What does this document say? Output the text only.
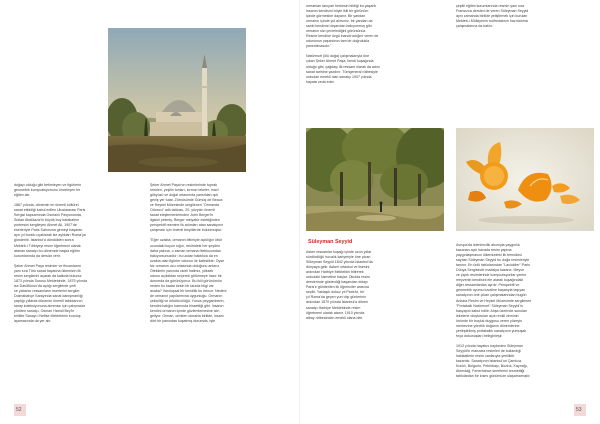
doğayı olduğu gibi betimleyen ve figürlerin
geometrik kompozisyonunu önceleyen bir
eğitim alır.

1867 yılında, dönemin en önemli kültürel
sanat etkinliği kabul edilen Uluslararası Paris
Sergisi kapsamında Osmanlı Pavyonunda,
Sultan Abdülaziz'in büyük boy karakalem
portresini sergileyen Ahmet Ali, 1907'de
eserleriyle Paris Salonuna girmeyi başaran
ayrı yıl burslu uçaklarak ise aylıkları Roma'ya
gönderilir. İstanbul'a döndükten sonra
Mekteb-i Tıbbiyeyi resim öğretmeni olarak
atanan sanatçı bu dönemde başka eğitim
kurumlarında da derslar verir.

Şeker Ahmet Paşa resimler ve fincanlarım
yanı sıra Türk sanat hayatına ülkemizin ilk
resim sergilerini açarak da katkıda bulunur.
1873 yılında Sorusu Mektebinde, 1875 yılında
ise Darülfünun'da açtığı sergilerde yerli
ve yabancı ressamların eserlerini sergiler.
Dolmabahçe Sarayında sanat danışmanlığı
yaptığı yıllarda dönemin önemli tablolarının
saray koleksiyonuna alınması için çalışmalar
yürüten sanatçı, Osman Hamdi Bey'le
birlikte Sanayi-i Nefise Mektebinin kuruluş
aşamasında da yer alır.

Şeker Ahmet Paşa'nın resimlerinde toprak
renkleri, yeşilin tonları, kırmızı lekeler, mavi
gökyüzü ve doğal ortamında yansıtılan ışık
geniş yer tutar. Zürnüsünde Gümüş de Beaux
ve Heykel Müzesinde sergilenen "Ormanda
Oduncu" adlı tablosu, 20. yüzyılın önemli
sanat eleştirmenlerinden John Berger'in
ilgisini çekmiş, Berger minyatür estetiğinden
perspektif resmine ilk adımları atan sanatçının
çalışması için önemli tespitlerde bulunmuştur:

"Eğer uzakta, ormanın bitimiyle açıklığın öbür
ucundaki koyun sığırı, resimdeki her şeyden
daha yakına, o zaman ormana ötekiucundan
bakıyorsunuzdur; bu ucdan baktıkca da en
uzakta olan figürler oduncu ile kafeslikte: Oyse
biz ormanın ucu ortasında olduğunu anlarız.
Ötekilerin yanında ciceli halimiz, yüksek
odunu açıklıktan seçerek götürmeye hazır bir
durumda da görünüyoruz. Bu ikili görünümün
neden bu kadar kesin bir tarzda bilgi var
acaba? Varoluşsal bir kendilik bu bence. Nedeni
de ormanın yapılanmına uygunluğu. Ormanın
çekiciliği ve ürkütücülüğü. Yunus peygamberin,
kendini balığın karnında hissettiği gibi. İnsanın
kendini ormanın içinde gözlemlemesine izin
geliyor. Orman, ormiten olmakla birlikte, insanı
dört bir yanından kuşatmış durumda, işte

52

ormanları tanıyan herkesin bildiği bu yaşantı
insanın kendisini böyle ikili bir görünüm
içinde görmesine dayanır. Bir yandan
ormanın içinde yol alırsınız, bir yandan da
sanki kendinizi dışarıdan bakıyormuş gibi
ormanın sizi çevrelediğini görürsünüz.
Resme kendine özgü inandırıcılığını veren de
odununun yaşantının tam bir doğrulukla
yansıtılmasıdır."

Natürmort (ölü doğa) çalışmalarıyla öne
çıkan Şeker Ahmet Paşa, kendi kuşağında
olduğu gibi, çağdaşı ilk ressam olarak da adını
sanat tarihine yazdırır. Tümgeneral rütbesiyle
ordudan emekli olan sanatçı 1907 yılında
hayata veda eder.

çeşitli eğitim kurumlarında resmin yanı sıra
Fransızca dersleri de veren Süleyman Seyyid
aynı zamanda birlikte yetiştirmek için kurulan
Mekteb-i Mülkiyenin müfredatının hazırlanma
çalışmalarına da katılır.

Süleyman Seyyid

Asker ressamlar kuşağı içinde uzun yıllar
sürdürdüğü hocalık kariyeriyle öne çıkan
Süleyman Seyyid 1842 yılında İstanbul'da
dünyaya gelir. Askeri ortaokul ve lisesini
ardından Harbiye Mektebini bitirerek
ordudaki hizmetine başlar. Okulda resim
derslerinde gösterdiği başarıdan dolayı
Paris'e gönderilen ilk öğrenciler arasına
seçilir. Yaklaşık dokuz yıl Paris'te, bir
yıl Roma'da geçen yurt dışı günlerinin
ardından 1870 yılında İstanbul'a dönen
sanatçı Harbiye Mektebinde resim
öğretmeni olarak atanır. 1910 yılında
albay rütbesinden emekli olana dek

Avrupa'da izlenimcilik akımıyla yaygınlık
kazanan açık havada resim yapma
yaygınlaşmasını ülkemizdeki ilk temsilcisi
sayılan Süleyman Seyyid bu doğa resimleriyle
tanınır. En ünlü tablolarından "Lavlukiler" Paris
Dünya Sergisinde madalya kazanır. Meyve
ve çiçek resimlerinde kompozisyonlar yerine
meyvenin kendisini ele alarak kuşağındaki
diğer ressamlardan ayrılır. Perspektif ve
geometrik uyumu tuvaline başarıyla taşıyan
sanatçının öne çıkan çalışmalarından bugün
Ankara Resim ve Heykel Müzesinde sergilenen
"Portakallı Natürmort" Süleyman Seyyid'in
basyapıtı kabul edilir. Ahşa üzerinde sunulan
lekelerle oluşturulan açık renkli zeminin
önünde bir boşluk duygusu veren yüzeyin
merkezine yönelik doğanın dönemlerine
yerleştirilmiş portakallık sanatçının yumuşak
fırça dokunuşları belirginleşir.

1913 yılında hayatını kaybeden Süleyman
Seyyid'in manzara resimleri de kullandığı
hakikatlerle resim canlarıyla yeniliktir
kazanılır. Sanatçının İstanbul'un Çamlıca,
Kısıklı, Bulgurlu, Pekinbaşı, Bozkılı, Kaynağı,
Alemdağ, Fenerbahce semtlerini resmettiği
tablolardan bir kısmı günümüze ulaşamamıştır.

53
